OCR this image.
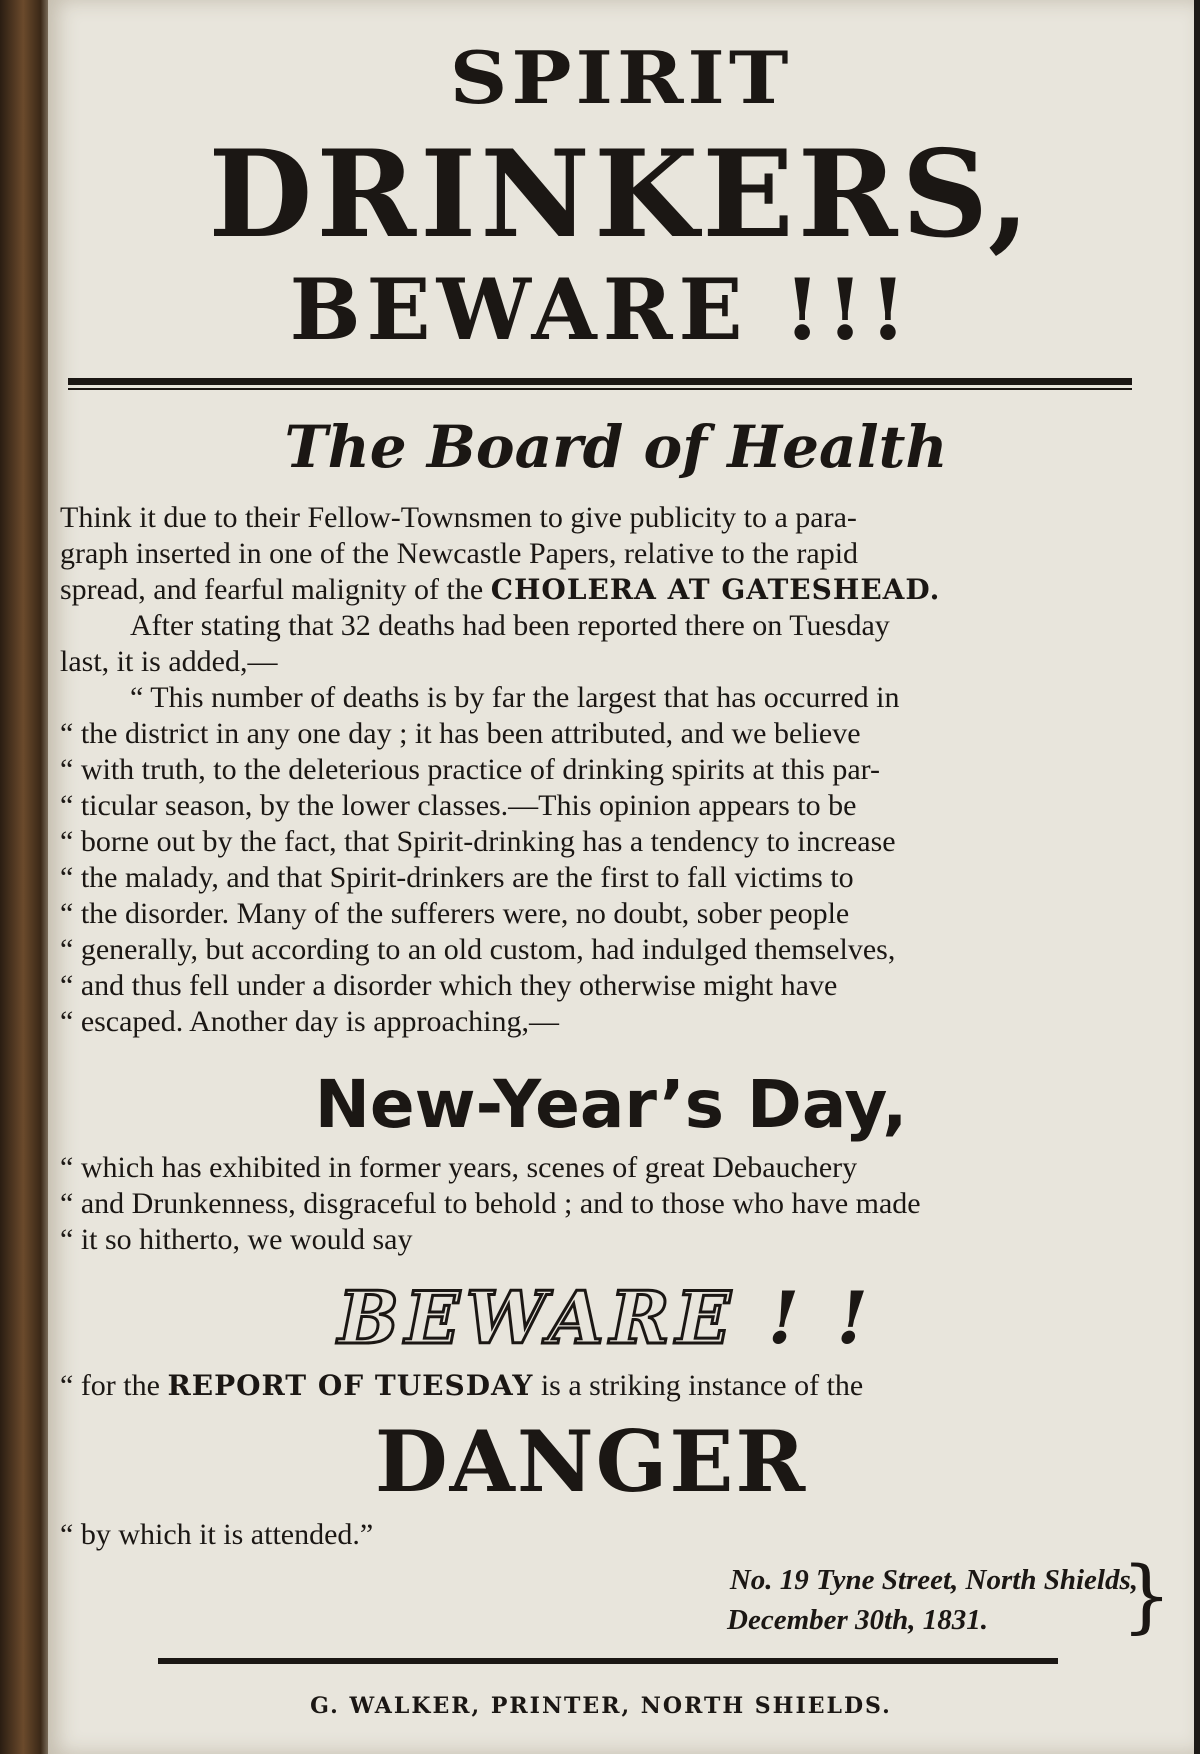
SPIRIT
DRINKERS,
BEWARE !!!
The Board of Health
Think it due to their Fellow-Townsmen to give publicity to a para-
graph inserted in one of the Newcastle Papers, relative to the rapid
spread, and fearful malignity of the CHOLERA AT GATESHEAD.
After stating that 32 deaths had been reported there on Tuesday
last, it is added,—
“ This number of deaths is by far the largest that has occurred in
“ the district in any one day ; it has been attributed, and we believe
“ with truth, to the deleterious practice of drinking spirits at this par-
“ ticular season, by the lower classes.—This opinion appears to be
“ borne out by the fact, that Spirit-drinking has a tendency to increase
“ the malady, and that Spirit-drinkers are the first to fall victims to
“ the disorder. Many of the sufferers were, no doubt, sober people
“ generally, but according to an old custom, had indulged themselves,
“ and thus fell under a disorder which they otherwise might have
“ escaped. Another day is approaching,—
New-Year’s Day,
“ which has exhibited in former years, scenes of great Debauchery
“ and Drunkenness, disgraceful to behold ; and to those who have made
“ it so hitherto, we would say
BEWARE ! !
“ for the REPORT OF TUESDAY is a striking instance of the
DANGER
“ by which it is attended.”
No. 19 Tyne Street, North Shields,
December 30th, 1831.	}
G. WALKER, PRINTER, NORTH SHIELDS.
